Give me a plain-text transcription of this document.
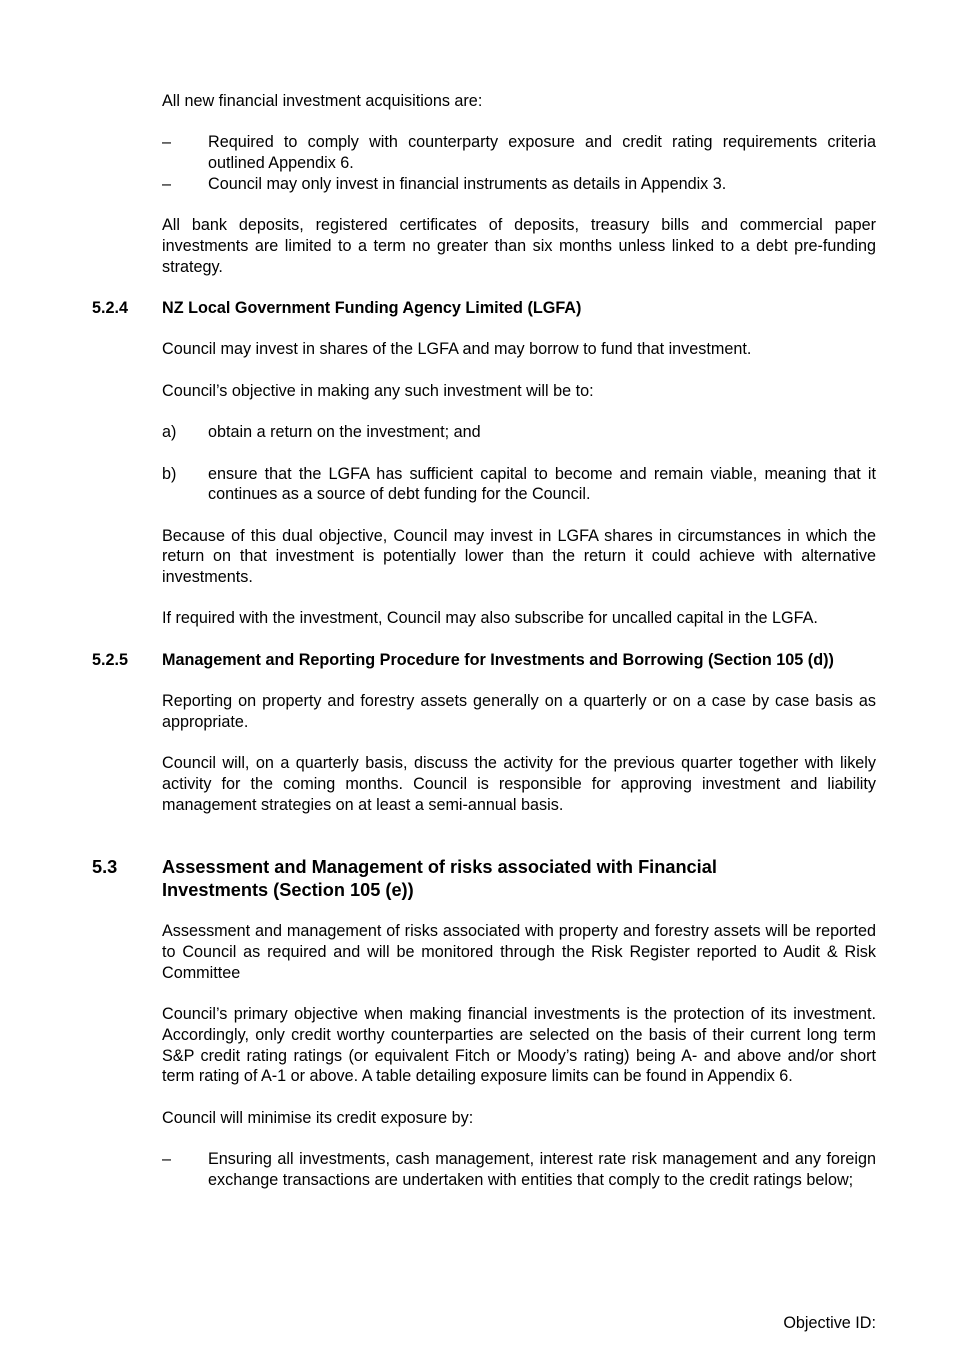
All new financial investment acquisitions are:

–	Required to comply with counterparty exposure and credit rating requirements criteria outlined Appendix 6.
–	Council may only invest in financial instruments as details in Appendix 3.

All bank deposits, registered certificates of deposits, treasury bills and commercial paper investments are limited to a term no greater than six months unless linked to a debt pre-funding strategy.

5.2.4 NZ Local Government Funding Agency Limited (LGFA)

Council may invest in shares of the LGFA and may borrow to fund that investment.

Council’s objective in making any such investment will be to:

a)	obtain a return on the investment; and
b)	ensure that the LGFA has sufficient capital to become and remain viable, meaning that it continues as a source of debt funding for the Council.

Because of this dual objective, Council may invest in LGFA shares in circumstances in which the return on that investment is potentially lower than the return it could achieve with alternative investments.

If required with the investment, Council may also subscribe for uncalled capital in the LGFA.

5.2.5 Management and Reporting Procedure for Investments and Borrowing (Section 105 (d))

Reporting on property and forestry assets generally on a quarterly or on a case by case basis as appropriate.

Council will, on a quarterly basis, discuss the activity for the previous quarter together with likely activity for the coming months. Council is responsible for approving investment and liability management strategies on at least a semi-annual basis.

5.3 Assessment and Management of risks associated with Financial Investments (Section 105 (e))

Assessment and management of risks associated with property and forestry assets will be reported to Council as required and will be monitored through the Risk Register reported to Audit & Risk Committee

Council’s primary objective when making financial investments is the protection of its investment. Accordingly, only credit worthy counterparties are selected on the basis of their current long term S&P credit rating ratings (or equivalent Fitch or Moody’s rating) being A- and above and/or short term rating of A-1 or above. A table detailing exposure limits can be found in Appendix 6.

Council will minimise its credit exposure by:

–	Ensuring all investments, cash management, interest rate risk management and any foreign exchange transactions are undertaken with entities that comply to the credit ratings below;
Objective ID:
